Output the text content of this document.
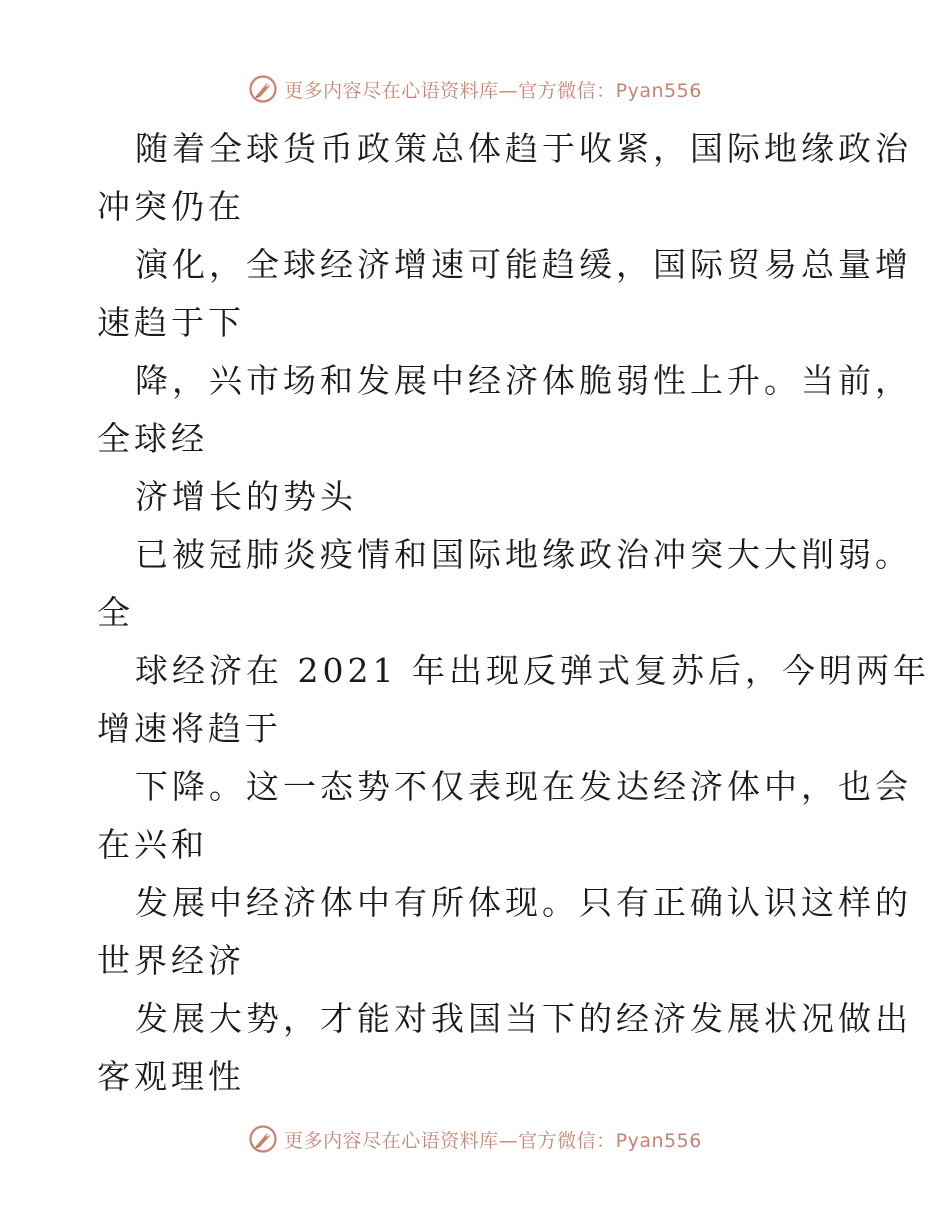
更多内容尽在心语资料库—官方微信：Pyan556
随着全球货币政策总体趋于收紧，国际地缘政治
冲突仍在
演化，全球经济增速可能趋缓，国际贸易总量增
速趋于下
降，兴市场和发展中经济体脆弱性上升。当前，
全球经
济增长的势头
已被冠肺炎疫情和国际地缘政治冲突大大削弱。
全
球经济在 2021 年出现反弹式复苏后，今明两年
增速将趋于
下降。这一态势不仅表现在发达经济体中，也会
在兴和
发展中经济体中有所体现。只有正确认识这样的
世界经济
发展大势，才能对我国当下的经济发展状况做出
客观理性
更多内容尽在心语资料库—官方微信：Pyan556
